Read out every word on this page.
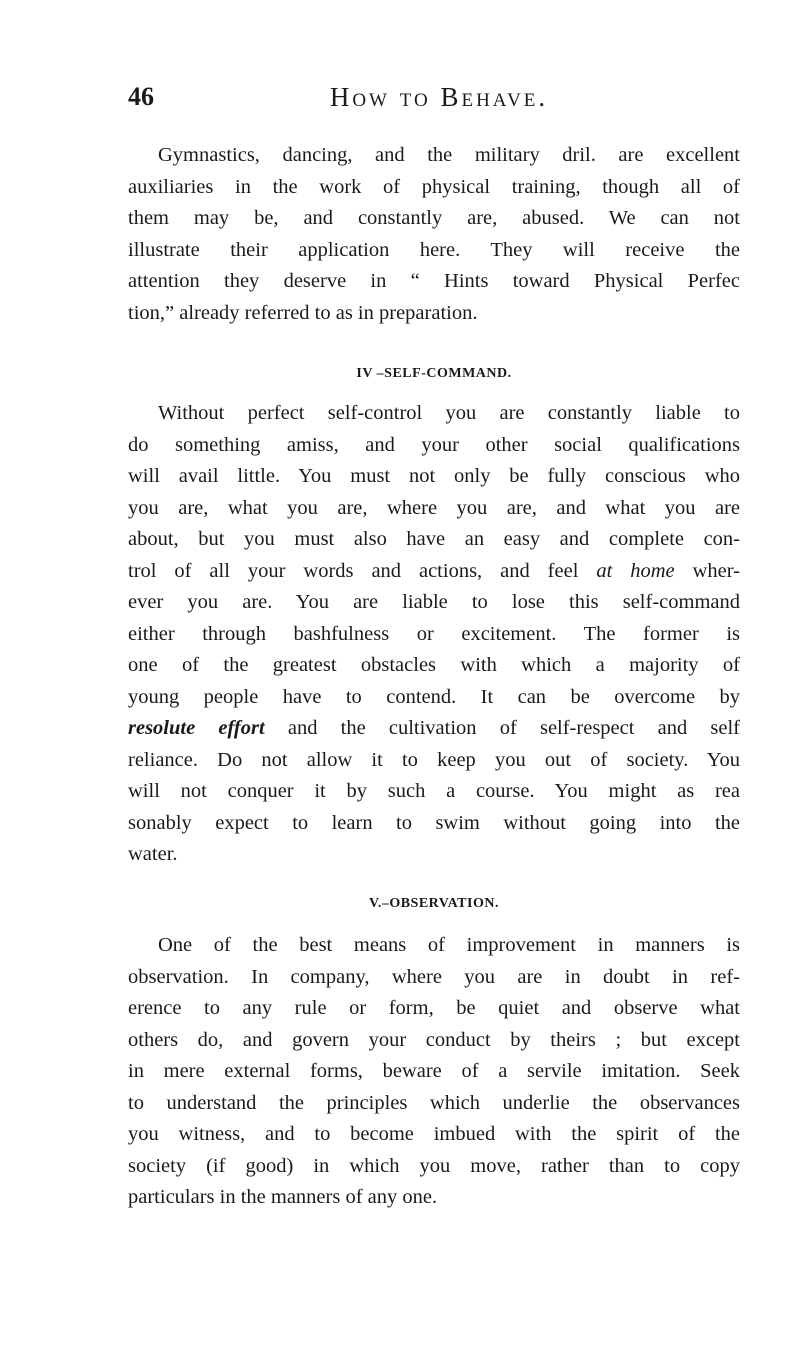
46	How to Behave.
Gymnastics, dancing, and the military dril. are excellent
auxiliaries in the work of physical training, though all of
them may be, and constantly are, abused. We can not
illustrate their application here. They will receive the
attention they deserve in “ Hints toward Physical Perfec
tion,” already referred to as in preparation.
IV –SELF-COMMAND.
Without perfect self-control you are constantly liable to
do something amiss, and your other social qualifications
will avail little. You must not only be fully conscious who
you are, what you are, where you are, and what you are
about, but you must also have an easy and complete con-
trol of all your words and actions, and feel at home wher-
ever you are. You are liable to lose this self-command
either through bashfulness or excitement. The former is
one of the greatest obstacles with which a majority of
young people have to contend. It can be overcome by
resolute effort and the cultivation of self-respect and self
reliance. Do not allow it to keep you out of society. You
will not conquer it by such a course. You might as rea
sonably expect to learn to swim without going into the
water.
V.–OBSERVATION.
One of the best means of improvement in manners is
observation. In company, where you are in doubt in ref-
erence to any rule or form, be quiet and observe what
others do, and govern your conduct by theirs ; but except
in mere external forms, beware of a servile imitation. Seek
to understand the principles which underlie the observances
you witness, and to become imbued with the spirit of the
society (if good) in which you move, rather than to copy
particulars in the manners of any one.
